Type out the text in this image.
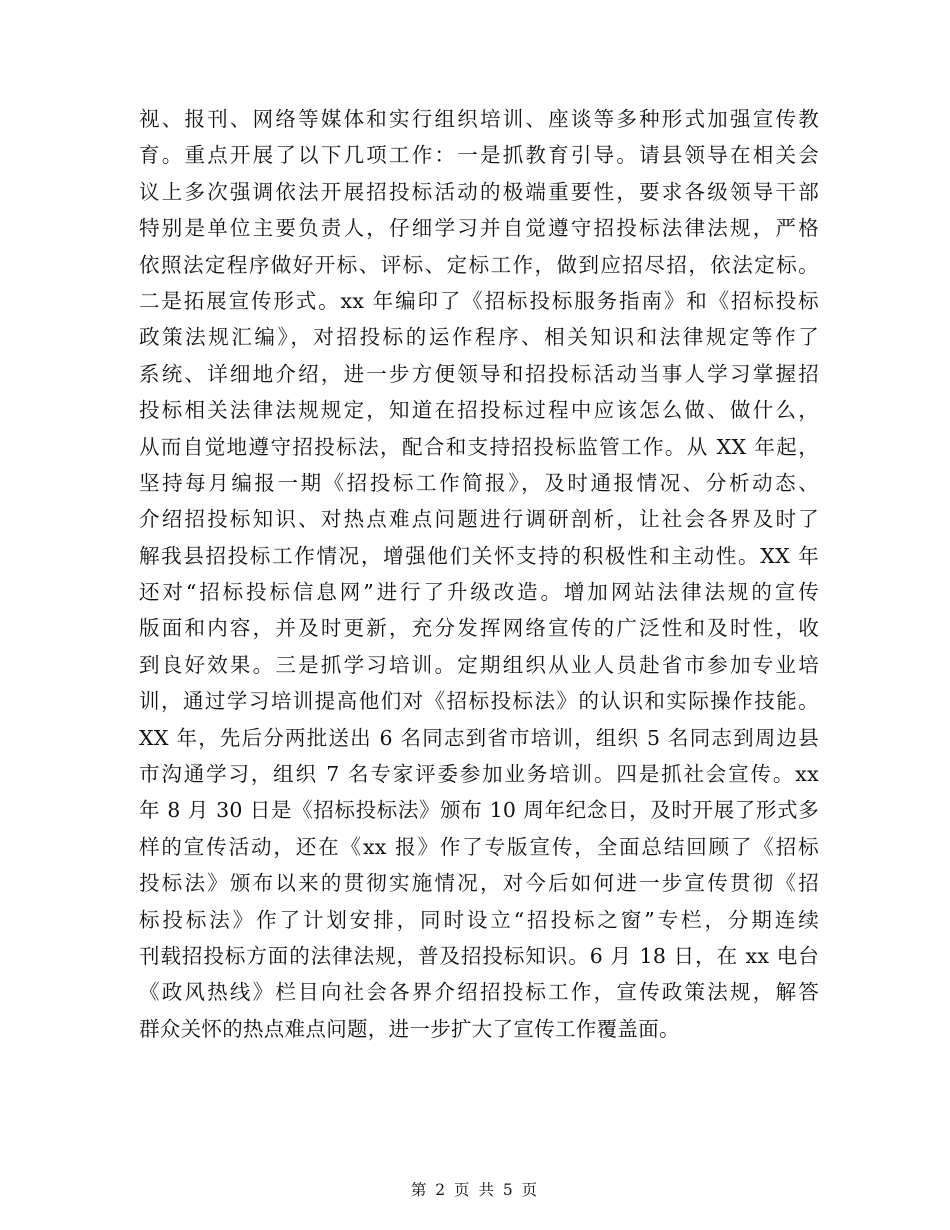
视、报刊、网络等媒体和实行组织培训、座谈等多种形式加强宣传教
育。重点开展了以下几项工作：一是抓教育引导。请县领导在相关会
议上多次强调依法开展招投标活动的极端重要性，要求各级领导干部
特别是单位主要负责人，仔细学习并自觉遵守招投标法律法规，严格
依照法定程序做好开标、评标、定标工作，做到应招尽招，依法定标。
二是拓展宣传形式。xx 年编印了《招标投标服务指南》和《招标投标
政策法规汇编》，对招投标的运作程序、相关知识和法律规定等作了
系统、详细地介绍，进一步方便领导和招投标活动当事人学习掌握招
投标相关法律法规规定，知道在招投标过程中应该怎么做、做什么，
从而自觉地遵守招投标法，配合和支持招投标监管工作。从 XX 年起，
坚持每月编报一期《招投标工作简报》，及时通报情况、分析动态、
介绍招投标知识、对热点难点问题进行调研剖析，让社会各界及时了
解我县招投标工作情况，增强他们关怀支持的积极性和主动性。XX 年
还对“招标投标信息网”进行了升级改造。增加网站法律法规的宣传
版面和内容，并及时更新，充分发挥网络宣传的广泛性和及时性，收
到良好效果。三是抓学习培训。定期组织从业人员赴省市参加专业培
训，通过学习培训提高他们对《招标投标法》的认识和实际操作技能。
XX 年，先后分两批送出 6 名同志到省市培训，组织 5 名同志到周边县
市沟通学习，组织 7 名专家评委参加业务培训。四是抓社会宣传。xx
年 8 月 30 日是《招标投标法》颁布 10 周年纪念日，及时开展了形式多
样的宣传活动，还在《xx 报》作了专版宣传，全面总结回顾了《招标
投标法》颁布以来的贯彻实施情况，对今后如何进一步宣传贯彻《招
标投标法》作了计划安排，同时设立“招投标之窗”专栏，分期连续
刊载招投标方面的法律法规，普及招投标知识。6 月 18 日，在 xx 电台
《政风热线》栏目向社会各界介绍招投标工作，宣传政策法规，解答
群众关怀的热点难点问题，进一步扩大了宣传工作覆盖面。
第 2 页 共 5 页
